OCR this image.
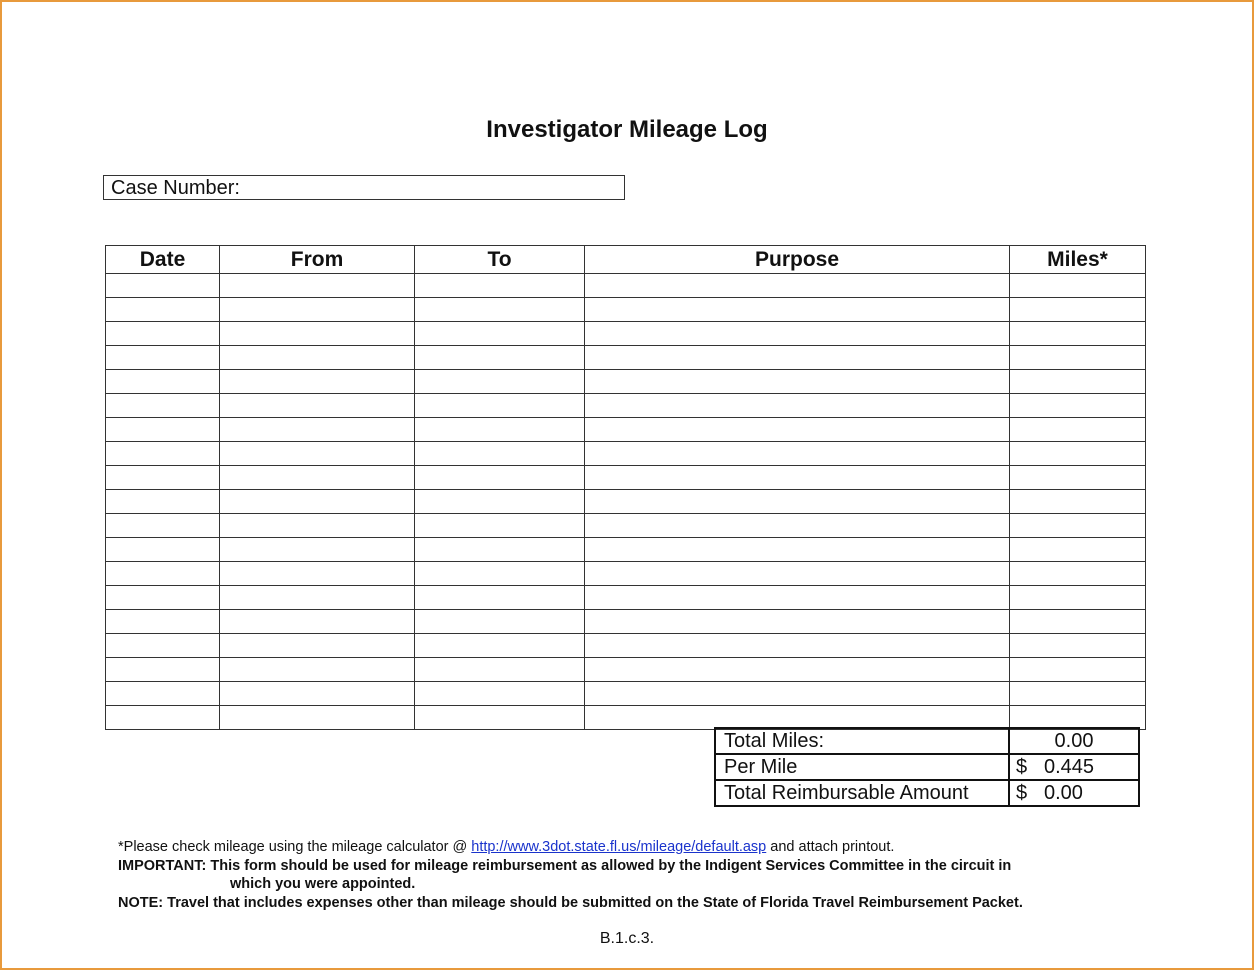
Investigator Mileage Log
Case Number:
Date	From	To	Purpose	Miles*

Total Miles:	0.00
Per Mile	$ 0.445
Total Reimbursable Amount	$ 0.00
*Please check mileage using the mileage calculator @ http://www.3dot.state.fl.us/mileage/default.asp and attach printout.
IMPORTANT: This form should be used for mileage reimbursement as allowed by the Indigent Services Committee in the circuit in
which you were appointed.
NOTE: Travel that includes expenses other than mileage should be submitted on the State of Florida Travel Reimbursement Packet.
B.1.c.3.
